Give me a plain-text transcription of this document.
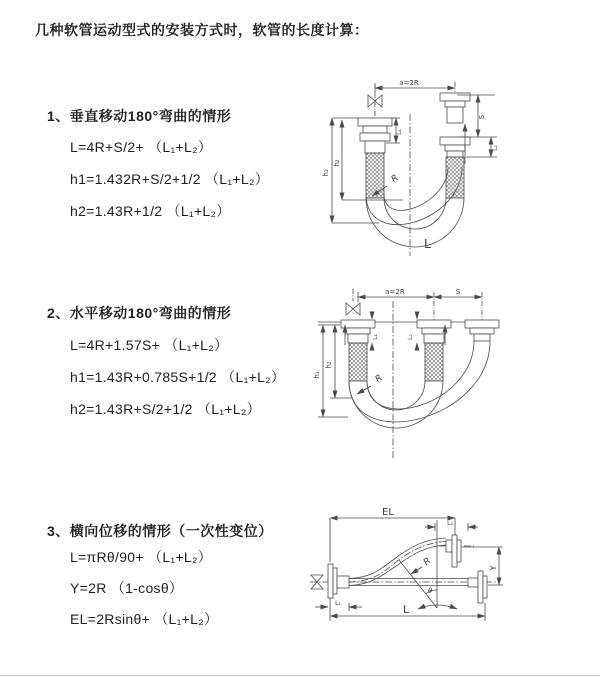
几种软管运动型式的安装方式时，软管的长度计算：
1、垂直移动180°弯曲的情形
L=4R+S/2+ （L₁+L₂）
h1=1.432R+S/2+1/2 （L₁+L₂）
h2=1.43R+1/2 （L₁+L₂）
2、水平移动180°弯曲的情形
L=4R+1.57S+ （L₁+L₂）
h1=1.43R+0.785S+1/2 （L₁+L₂）
h2=1.43R+S/2+1/2 （L₁+L₂）
3、横向位移的情形（一次性变位）
L=πRθ/90+ （L₁+L₂）
Y=2R （1-cosθ）
EL=2Rsinθ+ （L₁+L₂）
a=2R
h₁
h₂
L₁
S
L₂
R
L
a=2R	S
h₁
h₂
L₁	L₂
R
EL
L₂
Y
L
L₁
R
θ
